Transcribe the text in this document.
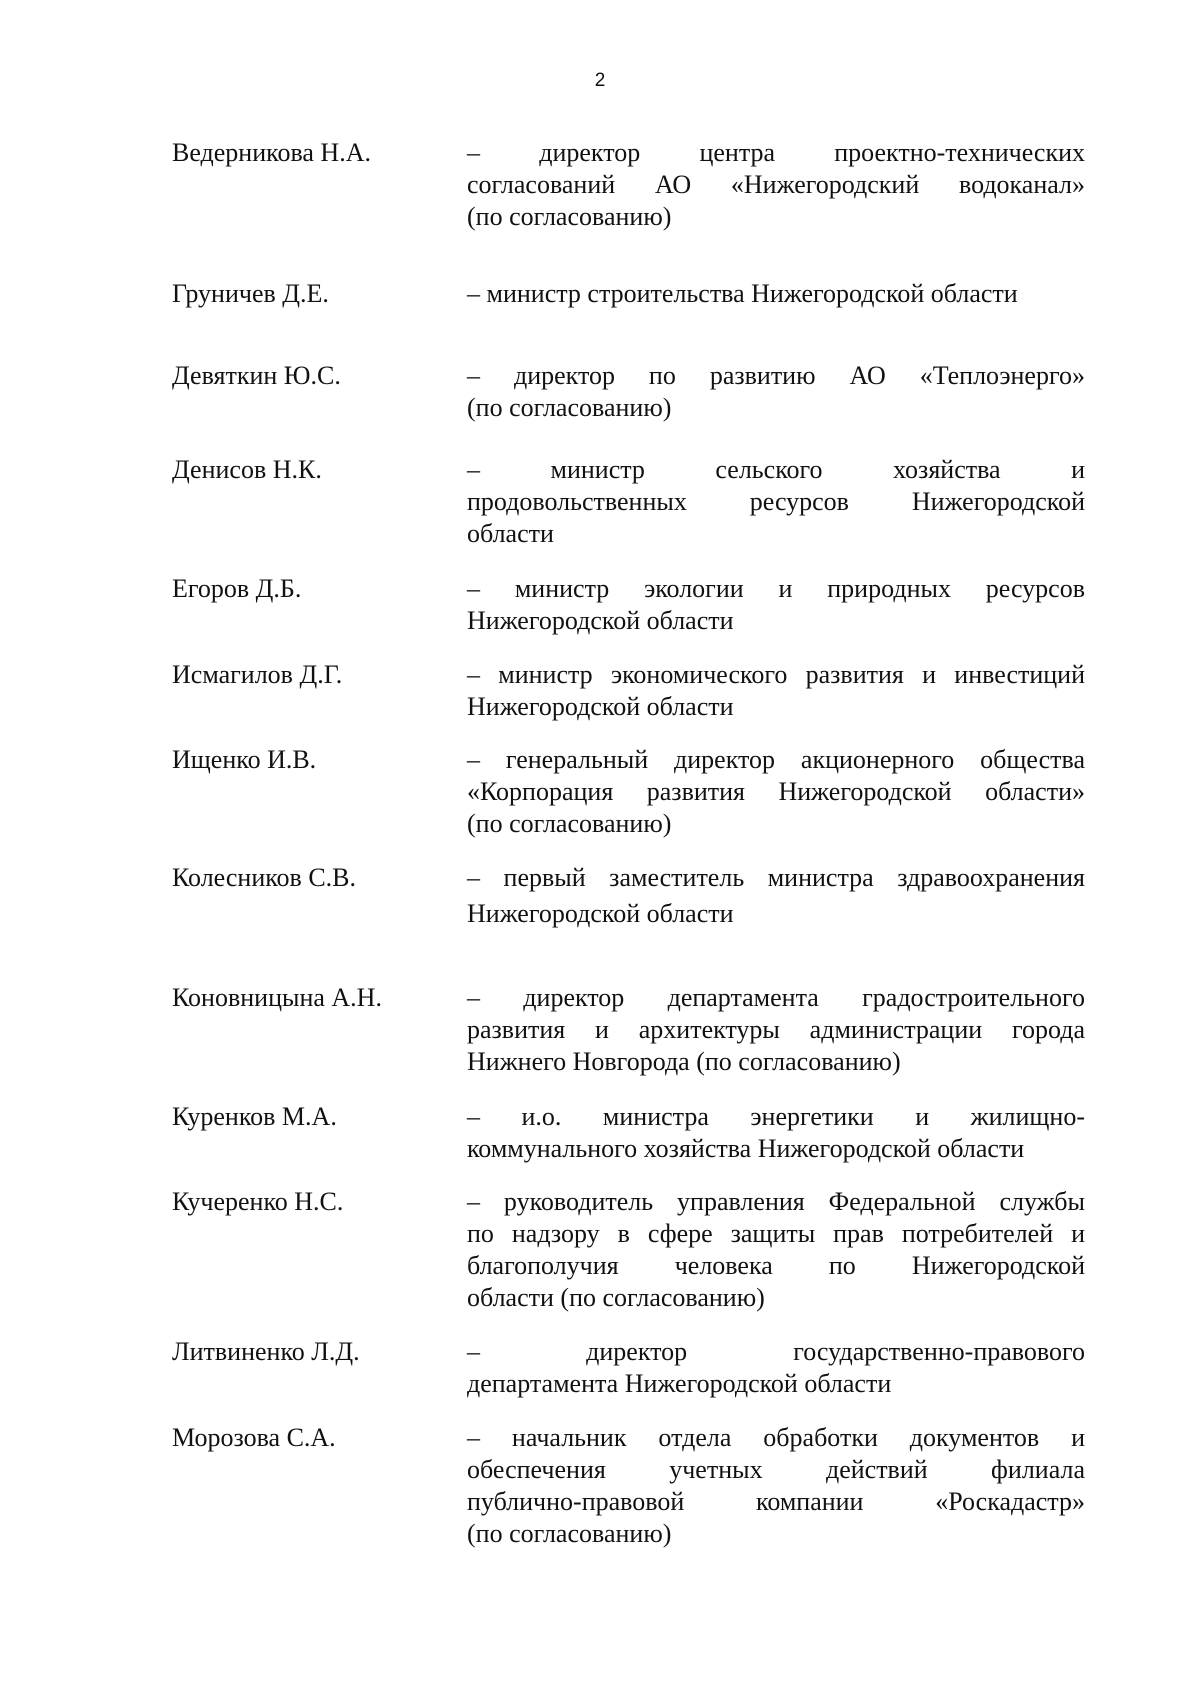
2
Ведерникова Н.А.	– директор центра проектно-технических
согласований АО «Нижегородский водоканал»
(по согласованию)
Груничев Д.Е.	– министр строительства Нижегородской области
Девяткин Ю.С.	– директор по развитию АО «Теплоэнерго»
(по согласованию)
Денисов Н.К.	– министр сельского хозяйства и
продовольственных ресурсов Нижегородской
области
Егоров Д.Б.	– министр экологии и природных ресурсов
Нижегородской области
Исмагилов Д.Г.	– министр экономического развития и инвестиций
Нижегородской области
Ищенко И.В.	– генеральный директор акционерного общества
«Корпорация развития Нижегородской области»
(по согласованию)
Колесников С.В.	– первый заместитель министра здравоохранения
Нижегородской области
Коновницына А.Н.	– директор департамента градостроительного
развития и архитектуры администрации города
Нижнего Новгорода (по согласованию)
Куренков М.А.	– и.о. министра энергетики и жилищно-
коммунального хозяйства Нижегородской области
Кучеренко Н.С.	– руководитель управления Федеральной службы
по надзору в сфере защиты прав потребителей и
благополучия человека по Нижегородской
области (по согласованию)
Литвиненко Л.Д.	– директор государственно-правового
департамента Нижегородской области
Морозова С.А.	– начальник отдела обработки документов и
обеспечения учетных действий филиала
публично-правовой компании «Роскадастр»
(по согласованию)
